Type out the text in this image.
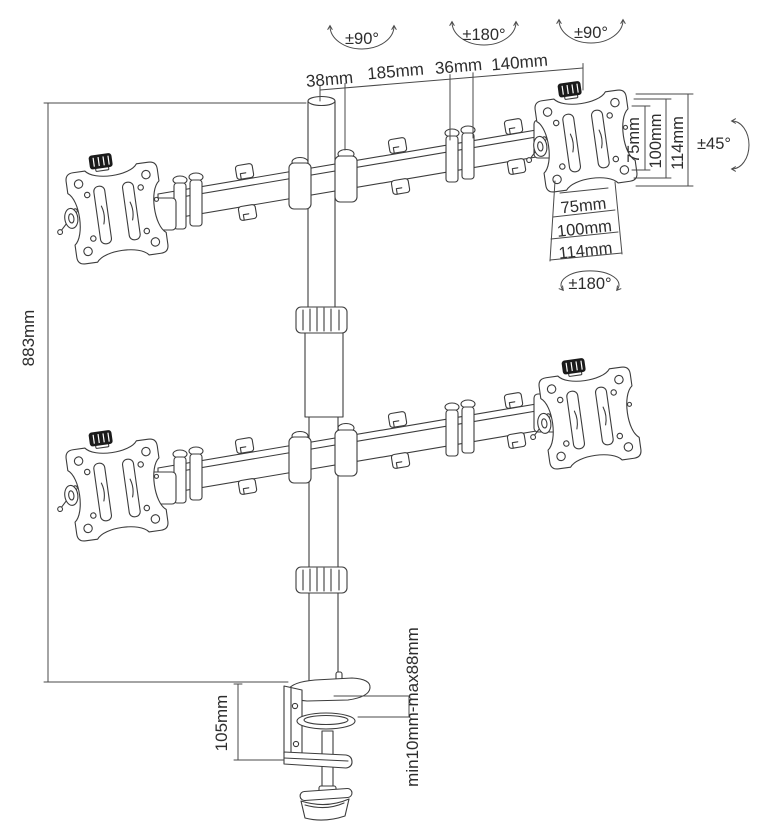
38mm 185mm 36mm 140mm
±90°	±180°	±90°
±45°
75mm 100mm 114mm
75mm
100mm
114mm
±180°
883mm
105mm	min10mm-max88mm
